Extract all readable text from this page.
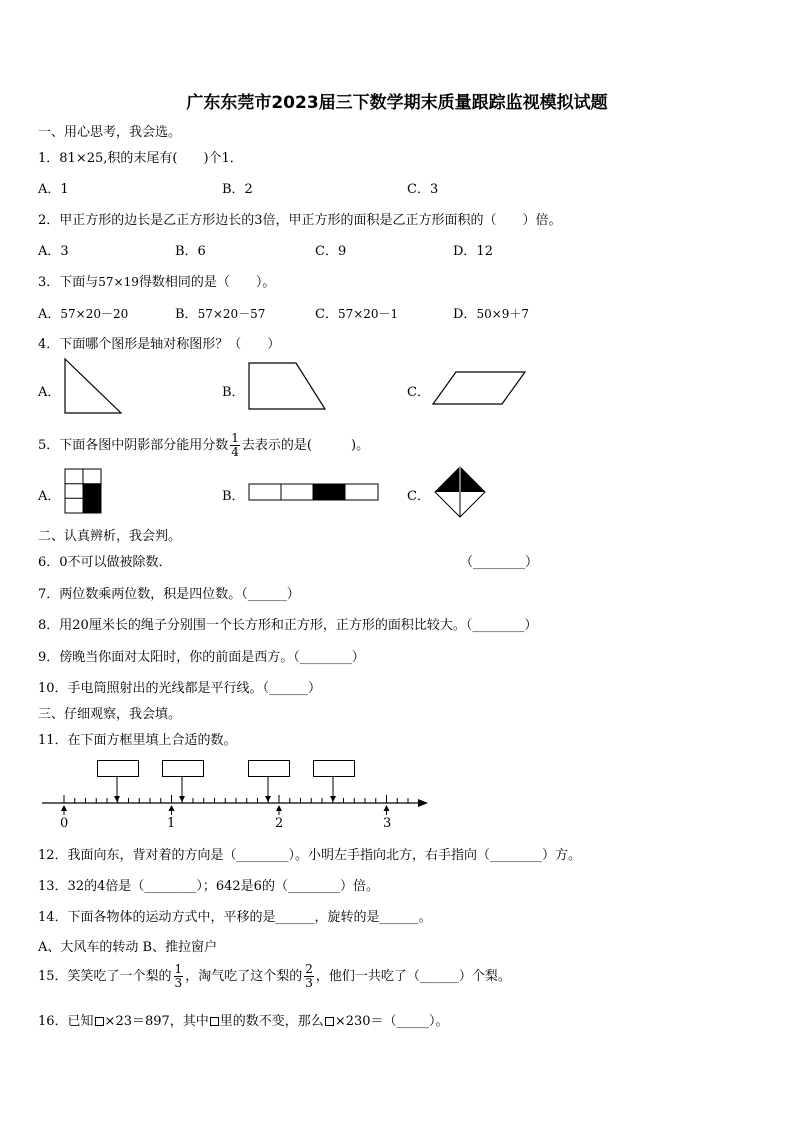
广东东莞市2023届三下数学期末质量跟踪监视模拟试题
一、用心思考，我会选。
1．81×25,积的末尾有(　　)个1．
A．1	B．2	C．3
2．甲正方形的边长是乙正方形边长的3倍，甲正方形的面积是乙正方形面积的（　　）倍。
A．3	B．6	C．9	D．12
3．下面与57×19得数相同的是（　　）。
A．57×20－20	B．57×20－57	C．57×20－1	D．50×9＋7
4．下面哪个图形是轴对称图形？（　　）
A．	B．	C．
5．下面各图中阴影部分能用分数 $\frac{1}{4}$ 去表示的是(　　　)。
A．	B．	C．
二、认真辨析，我会判。
6．0不可以做被除数．	（________）
7．两位数乘两位数，积是四位数。（______）
8．用20厘米长的绳子分别围一个长方形和正方形，正方形的面积比较大。（________）
9．傍晚当你面对太阳时，你的前面是西方。（________）
10．手电筒照射出的光线都是平行线。（______）
三、仔细观察，我会填。
11．在下面方框里填上合适的数。
0	1	2	3
12．我面向东，背对着的方向是（________）。小明左手指向北方，右手指向（________）方。
13．32的4倍是（________）；642是6的（________）倍。
14．下面各物体的运动方式中，平移的是______，旋转的是______。
A、大风车的转动 B、推拉窗户
15．笑笑吃了一个梨的 $\frac{1}{3}$ ，淘气吃了这个梨的 $\frac{2}{3}$ ，他们一共吃了（______）个梨。
16．已知 ×23＝897，其中 里的数不变，那么 ×230＝（_____）。
